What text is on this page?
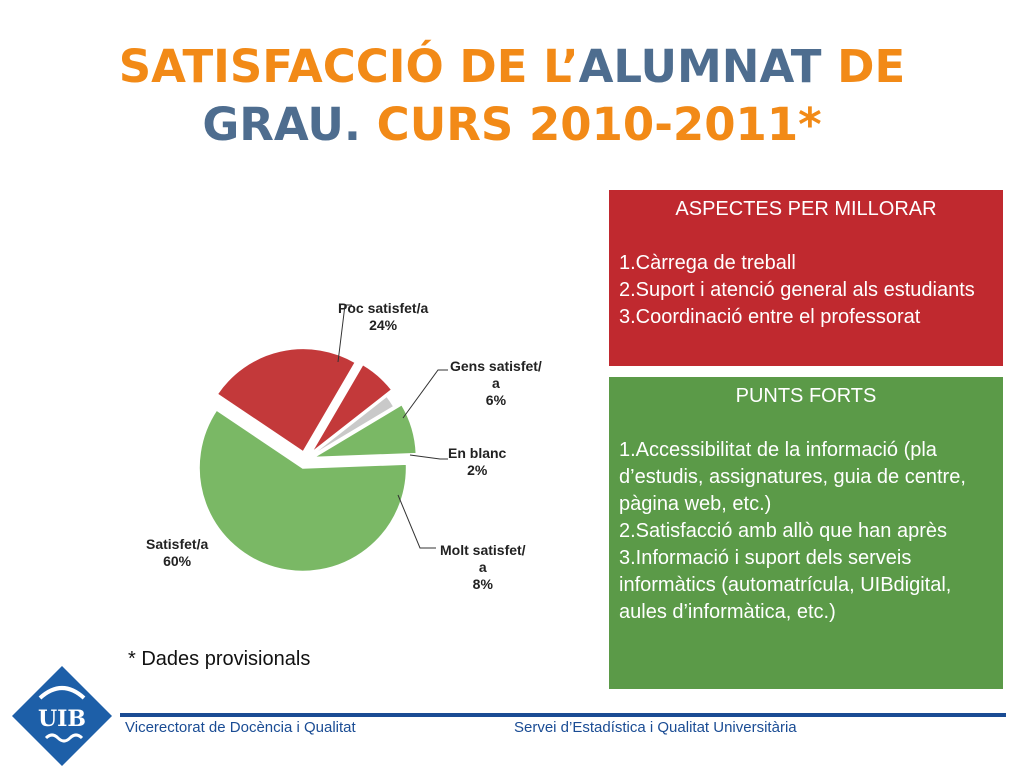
SATISFACCIÓ DE L’ALUMNAT DE
GRAU. CURS 2010-2011*
Poc satisfet/a
24%
Gens satisfet/
a
6%
En blanc
2%
Molt satisfet/
a
8%
Satisfet/a
60%
ASPECTES PER MILLORAR
1.Càrrega de treball
2.Suport i atenció general als estudiants
3.Coordinació entre el professorat
PUNTS FORTS
1.Accessibilitat de la informació (pla d’estudis, assignatures, guia de centre, pàgina web, etc.)
2.Satisfacció amb allò que han après
3.Informació i suport dels serveis informàtics (automatrícula, UIBdigital, aules d’informàtica, etc.)
* Dades provisionals
UIB	Vicerectorat de Docència i Qualitat	Servei d’Estadística i Qualitat Universitària
